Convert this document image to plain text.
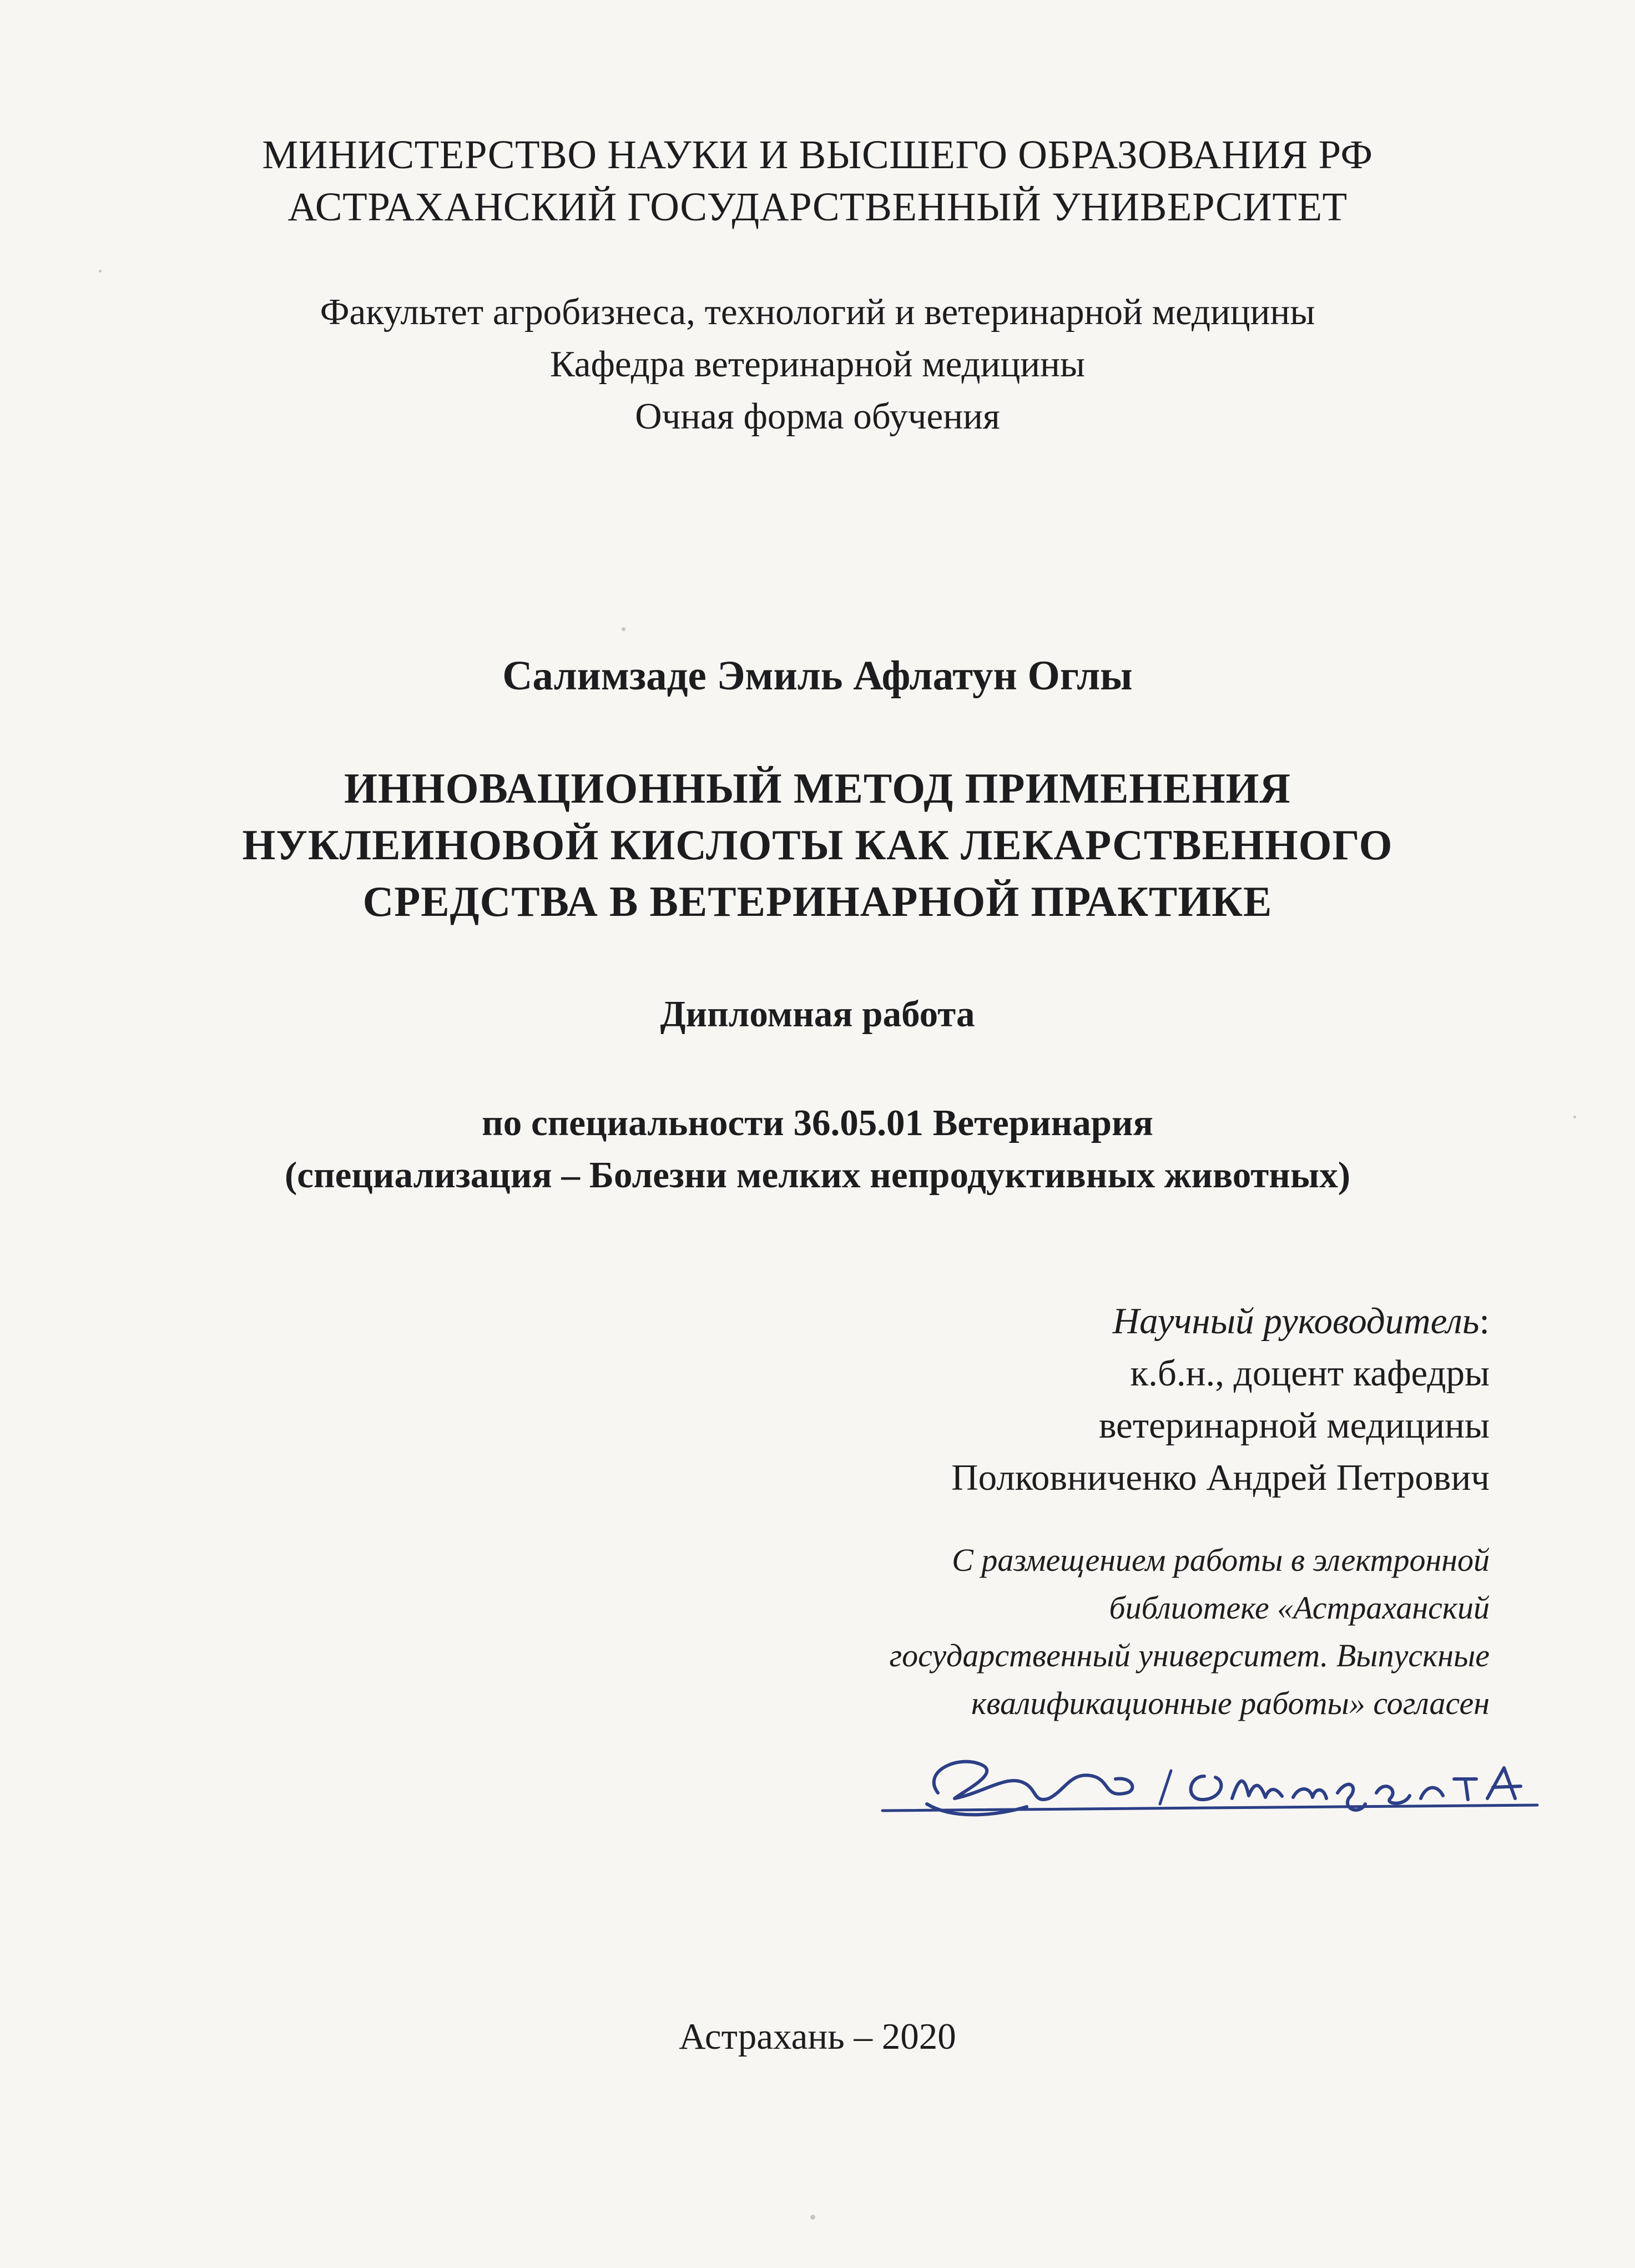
МИНИСТЕРСТВО НАУКИ И ВЫСШЕГО ОБРАЗОВАНИЯ РФ
АСТРАХАНСКИЙ ГОСУДАРСТВЕННЫЙ УНИВЕРСИТЕТ
Факультет агробизнеса, технологий и ветеринарной медицины
Кафедра ветеринарной медицины
Очная форма обучения
Салимзаде Эмиль Афлатун Оглы
ИННОВАЦИОННЫЙ МЕТОД ПРИМЕНЕНИЯ
НУКЛЕИНОВОЙ КИСЛОТЫ КАК ЛЕКАРСТВЕННОГО
СРЕДСТВА В ВЕТЕРИНАРНОЙ ПРАКТИКЕ
Дипломная работа
по специальности 36.05.01 Ветеринария
(специализация – Болезни мелких непродуктивных животных)
Научный руководитель:
к.б.н., доцент кафедры
ветеринарной медицины
Полковниченко Андрей Петрович
С размещением работы в электронной
библиотеке «Астраханский
государственный университет. Выпускные
квалификационные работы» согласен
Астрахань – 2020
